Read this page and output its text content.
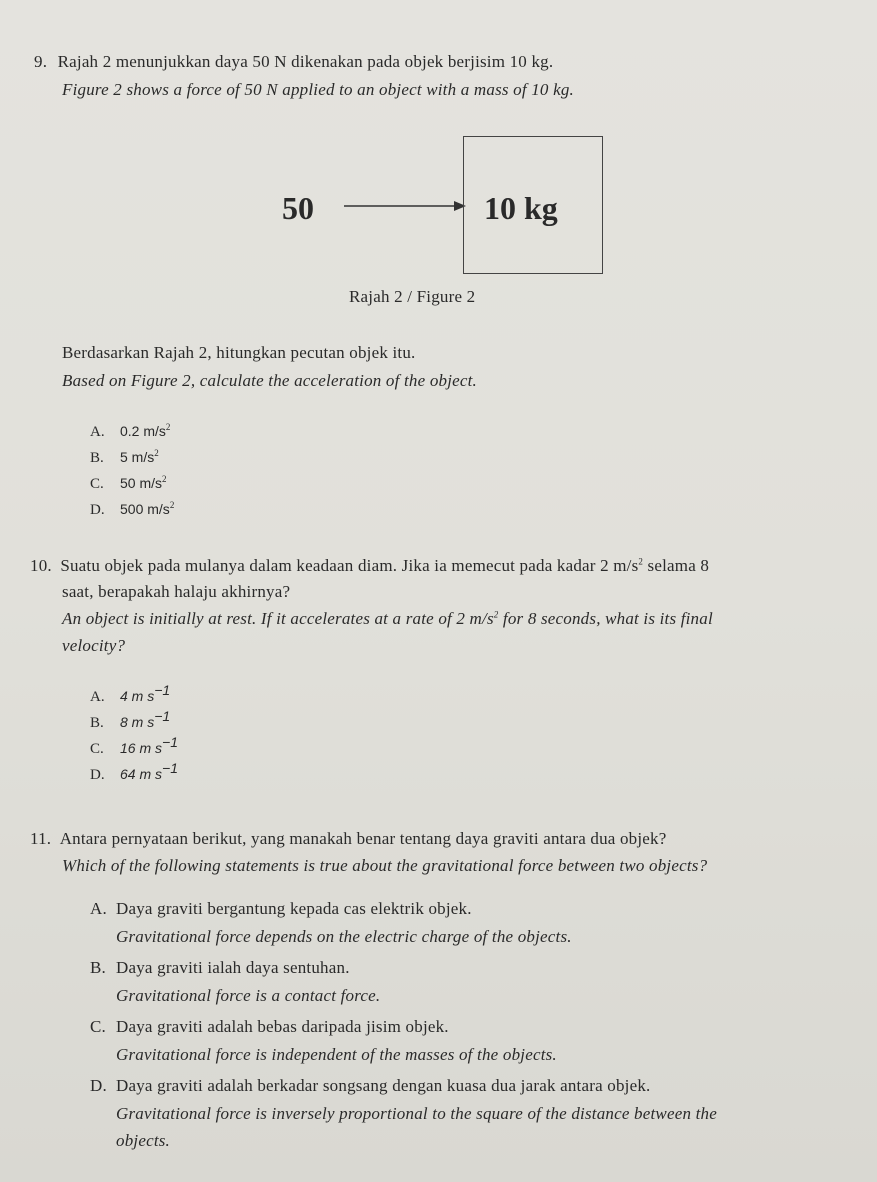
9. Rajah 2 menunjukkan daya 50 N dikenakan pada objek berjisim 10 kg.
Figure 2 shows a force of 50 N applied to an object with a mass of 10 kg.
50	10 kg
Rajah 2 / Figure 2
Berdasarkan Rajah 2, hitungkan pecutan objek itu.
Based on Figure 2, calculate the acceleration of the object.
A. 0.2 $m/s^2$
B. 5 $m/s^2$
C. 50 $m/s^2$
D. 500 $m/s^2$
10. Suatu objek pada mulanya dalam keadaan diam. Jika ia memecut pada kadar 2 $m/s^2$ selama 8
saat, berapakah halaju akhirnya?
An object is initially at rest. If it accelerates at a rate of 2 $m/s^2$ for 8 seconds, what is its final
velocity?
A. 4 m $s^{-1}$
B. 8 m $s^{-1}$
C. 16 m $s^{-1}$
D. 64 m $s^{-1}$
11. Antara pernyataan berikut, yang manakah benar tentang daya graviti antara dua objek?
Which of the following statements is true about the gravitational force between two objects?
A. Daya graviti bergantung kepada cas elektrik objek.
Gravitational force depends on the electric charge of the objects.
B. Daya graviti ialah daya sentuhan.
Gravitational force is a contact force.
C. Daya graviti adalah bebas daripada jisim objek.
Gravitational force is independent of the masses of the objects.
D. Daya graviti adalah berkadar songsang dengan kuasa dua jarak antara objek.
Gravitational force is inversely proportional to the square of the distance between the
objects.
